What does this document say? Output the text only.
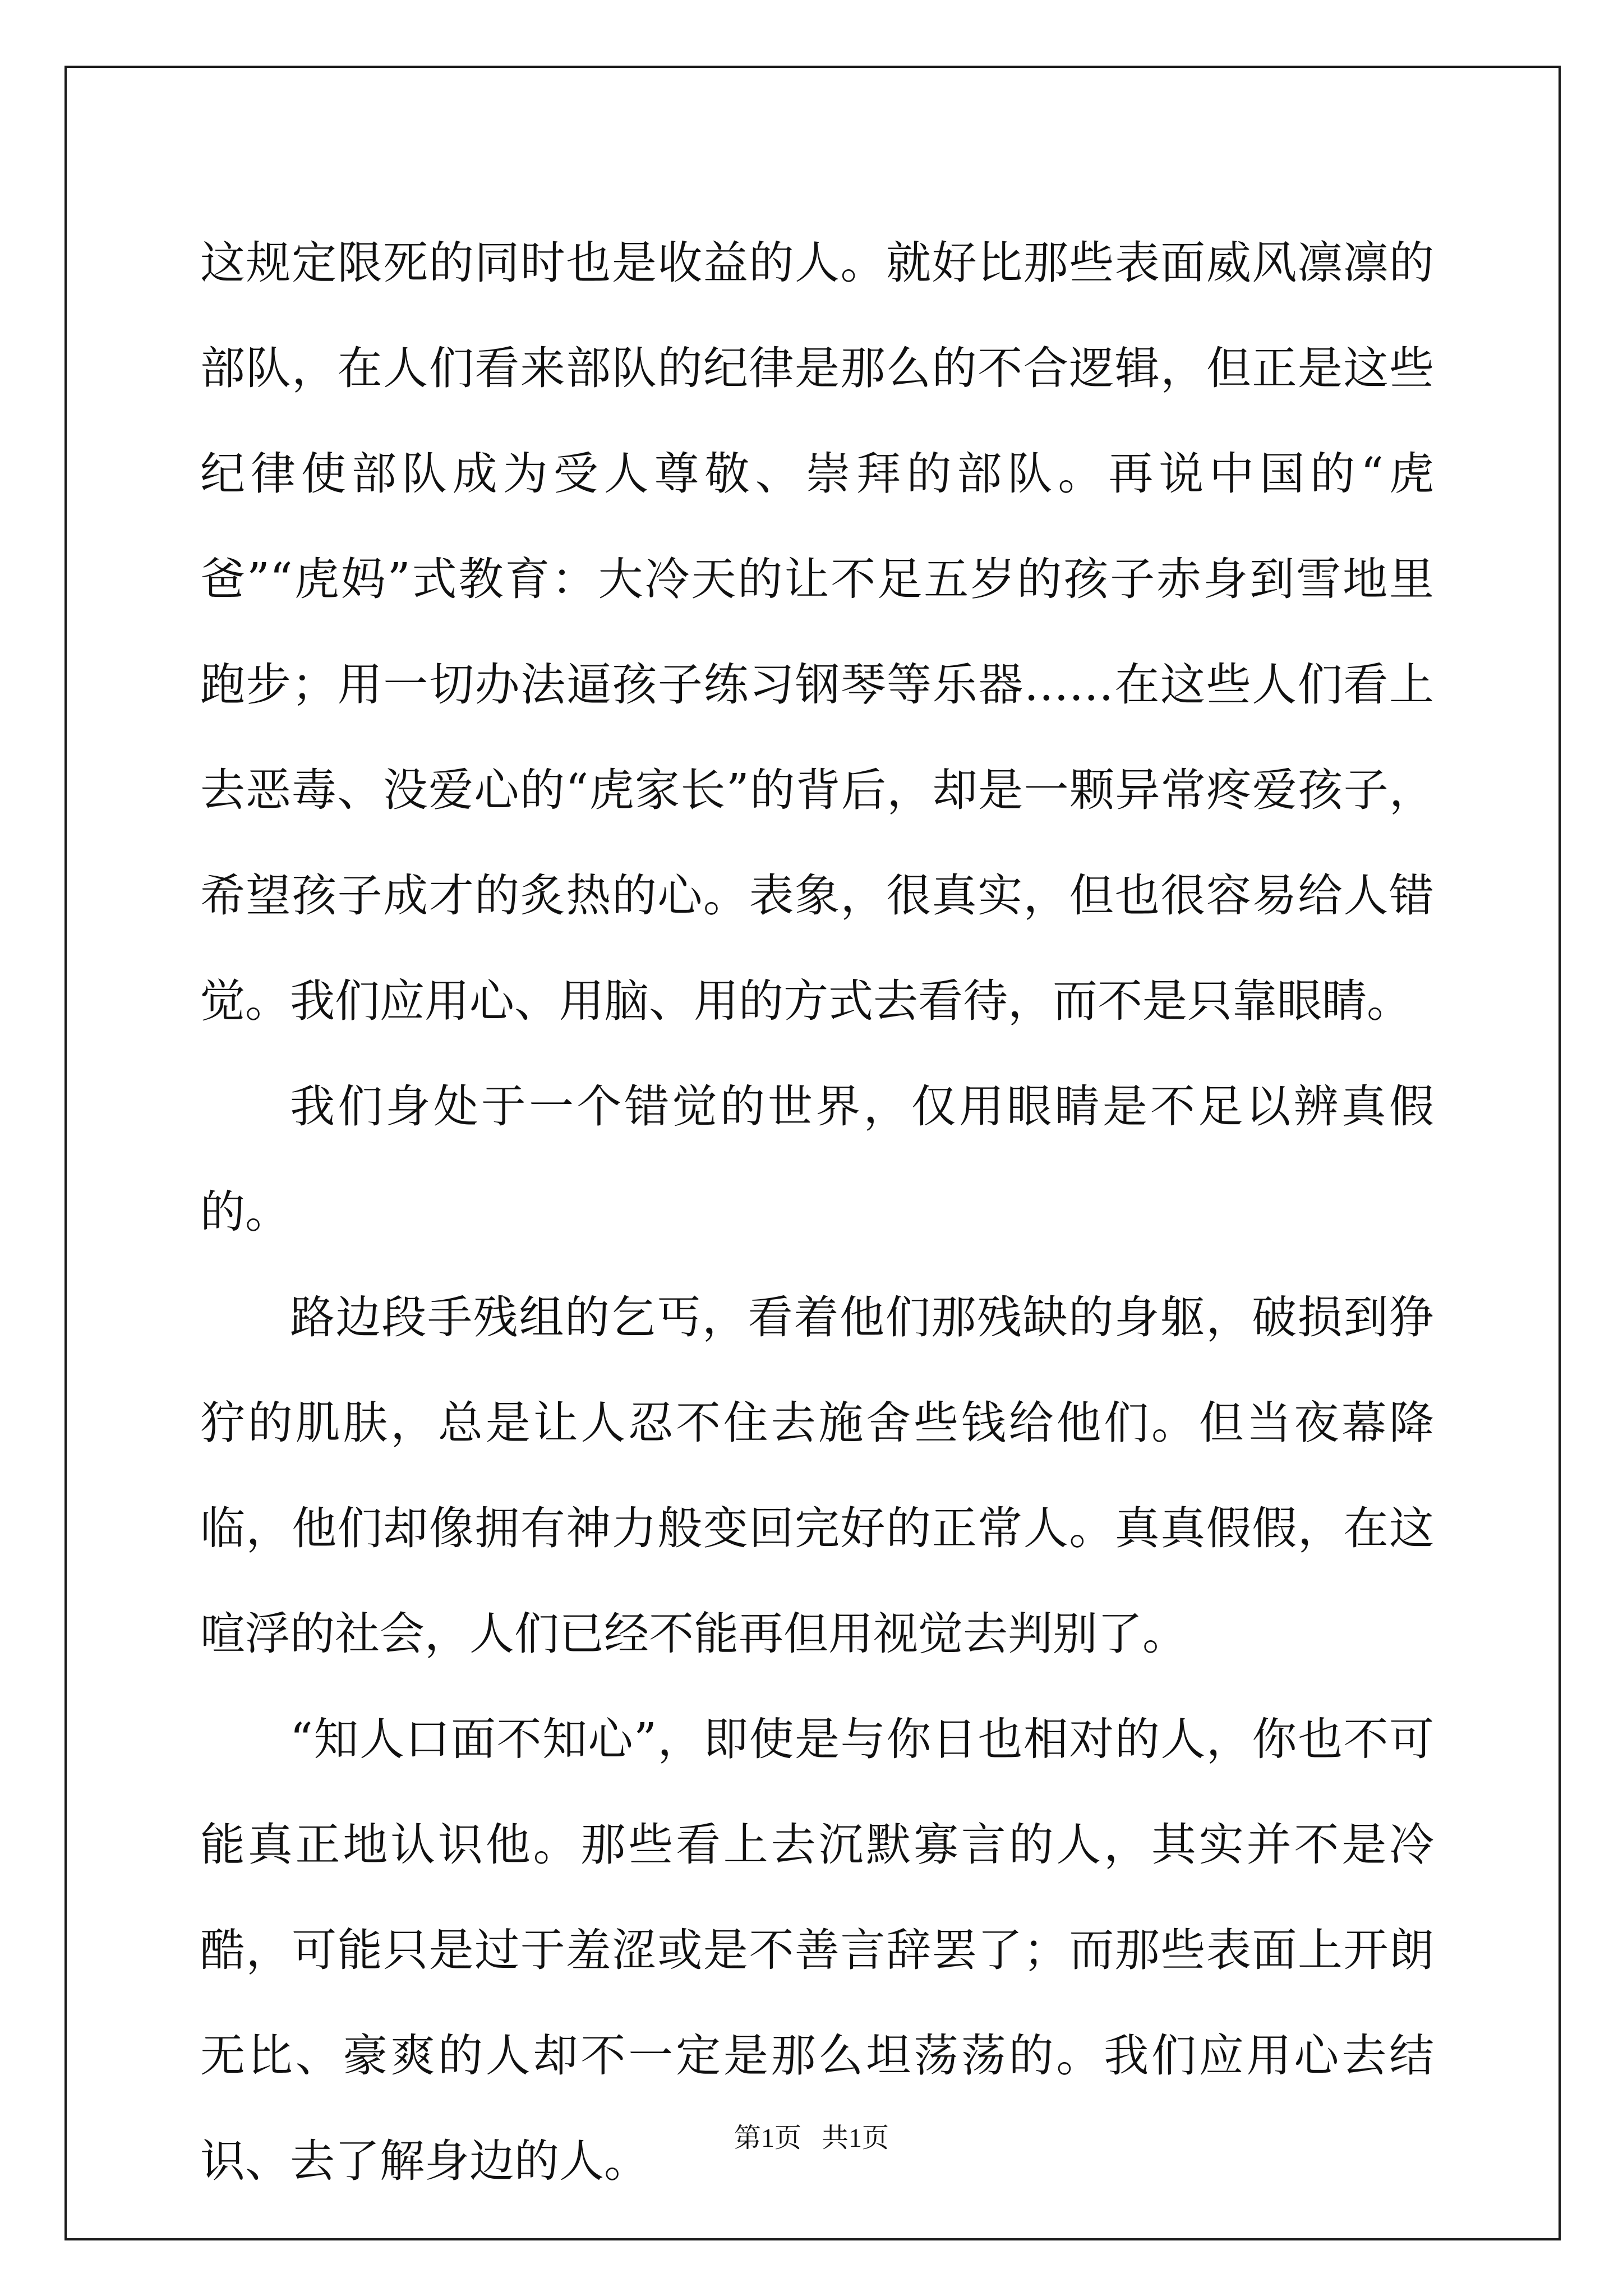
这规定限死的同时也是收益的人。就好比那些表面威风凛凛的部队，在人们看来部队的纪律是那么的不合逻辑，但正是这些纪律使部队成为受人尊敬、崇拜的部队。再说中国的“虎爸”“虎妈”式教育：大冷天的让不足五岁的孩子赤身到雪地里跑步；用一切办法逼孩子练习钢琴等乐器……在这些人们看上去恶毒、没爱心的“虎家长”的背后，却是一颗异常疼爱孩子，希望孩子成才的炙热的心。表象，很真实，但也很容易给人错觉。我们应用心、用脑、用的方式去看待，而不是只靠眼睛。

我们身处于一个错觉的世界，仅用眼睛是不足以辨真假的。

路边段手残组的乞丐，看着他们那残缺的身躯，破损到狰狞的肌肤，总是让人忍不住去施舍些钱给他们。但当夜幕降临，他们却像拥有神力般变回完好的正常人。真真假假，在这喧浮的社会，人们已经不能再但用视觉去判别了。

“知人口面不知心”，即使是与你日也相对的人，你也不可能真正地认识他。那些看上去沉默寡言的人，其实并不是冷酷，可能只是过于羞涩或是不善言辞罢了；而那些表面上开朗无比、豪爽的人却不一定是那么坦荡荡的。我们应用心去结识、去了解身边的人。	第1页   共1页
